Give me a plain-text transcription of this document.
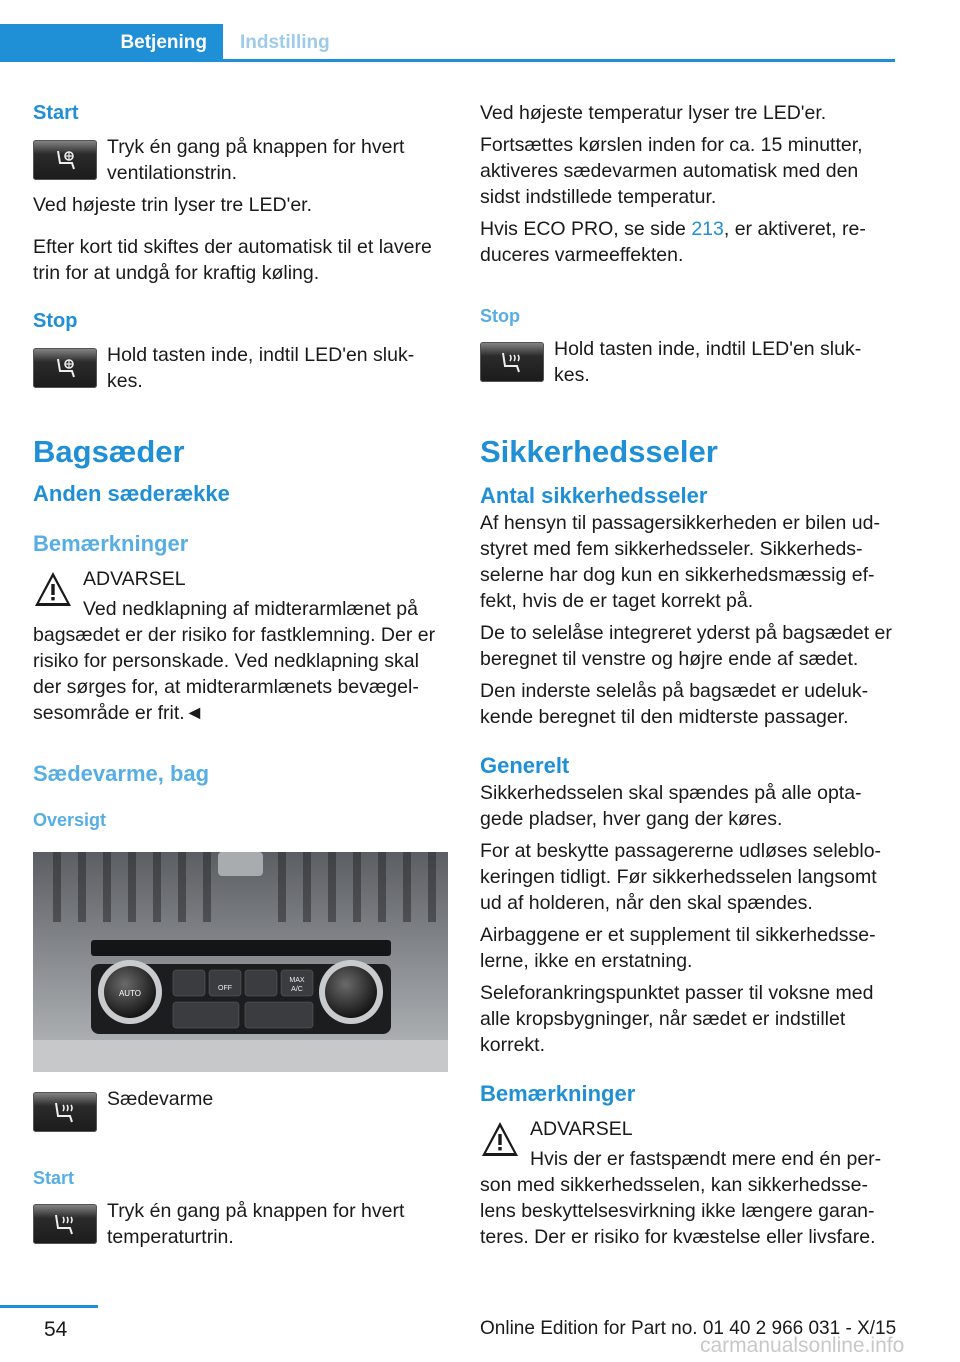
Betjening	Indstilling
Start

Tryk én gang på knappen for hvert ventilationstrin.

Ved højeste trin lyser tre LED'er.

Efter kort tid skiftes der automatisk til et lavere trin for at undgå for kraftig køling.

Stop

Hold tasten inde, indtil LED'en sluk-kes.

Bagsæder
Anden sæderække
Bemærkninger

ADVARSEL

Ved nedklapning af midterarmlænet på

bagsædet er der risiko for fastklemning. Der er risiko for personskade. Ved nedklapning skal der sørges for, at midterarmlænets bevægel-sesområde er frit.◄

Sædevarme, bag
Oversigt
AUTO
OFF
MAX
A/C

Sædevarme

Start

Tryk én gang på knappen for hvert temperaturtrin.

Ved højeste temperatur lyser tre LED'er.

Fortsættes kørslen inden for ca. 15 minutter, aktiveres sædevarmen automatisk med den sidst indstillede temperatur.

Hvis ECO PRO, se side 213, er aktiveret, re-duceres varmeeffekten.

Stop

Hold tasten inde, indtil LED'en sluk-kes.

Sikkerhedsseler
Antal sikkerhedsseler

Af hensyn til passagersikkerheden er bilen ud-styret med fem sikkerhedsseler. Sikkerheds-selerne har dog kun en sikkerhedsmæssig ef-fekt, hvis de er taget korrekt på.

De to selelåse integreret yderst på bagsædet er beregnet til venstre og højre ende af sædet.

Den inderste selelås på bagsædet er udeluk-kende beregnet til den midterste passager.

Generelt

Sikkerhedsselen skal spændes på alle opta-gede pladser, hver gang der køres.

For at beskytte passagererne udløses seleblo-keringen tidligt. Før sikkerhedsselen langsomt ud af holderen, når den skal spændes.

Airbaggene er et supplement til sikkerhedsse-lerne, ikke en erstatning.

Seleforankringspunktet passer til voksne med alle kropsbygninger, når sædet er indstillet korrekt.

Bemærkninger

ADVARSEL

Hvis der er fastspændt mere end én per-

son med sikkerhedsselen, kan sikkerhedsse-lens beskyttelsesvirkning ikke længere garan-teres. Der er risiko for kvæstelse eller livsfare.

54	Online Edition for Part no. 01 40 2 966 031 - X/15
carmanualsonline.info
